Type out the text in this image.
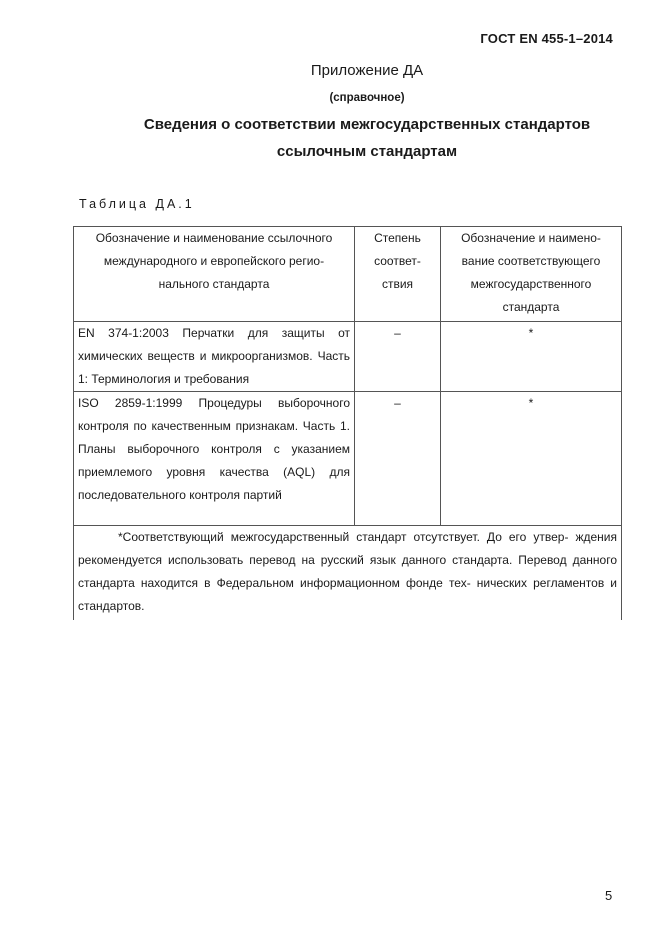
ГОСТ EN 455-1–2014
Приложение ДА
(справочное)
Сведения о соответствии межгосударственных стандартов
ссылочным стандартам
Таблица ДА.1
Обозначение и наименование ссылочного международного и европейского регио- нального стандарта	Степень соответ- ствия	Обозначение и наимено- вание соответствующего межгосударственного стандарта
EN 374-1:2003 Перчатки для защиты от химических веществ и микроорганизмов. Часть 1: Терминология и требования	–	*
ISO 2859-1:1999 Процедуры выборочного контроля по качественным признакам. Часть 1. Планы выборочного контроля с указанием приемлемого уровня качества (AQL) для последовательного контроля партий	–	*
*Соответствующий межгосударственный стандарт отсутствует. До его утвер- ждения рекомендуется использовать перевод на русский язык данного стандарта. Перевод данного стандарта находится в Федеральном информационном фонде тех- нических регламентов и стандартов.		
5
